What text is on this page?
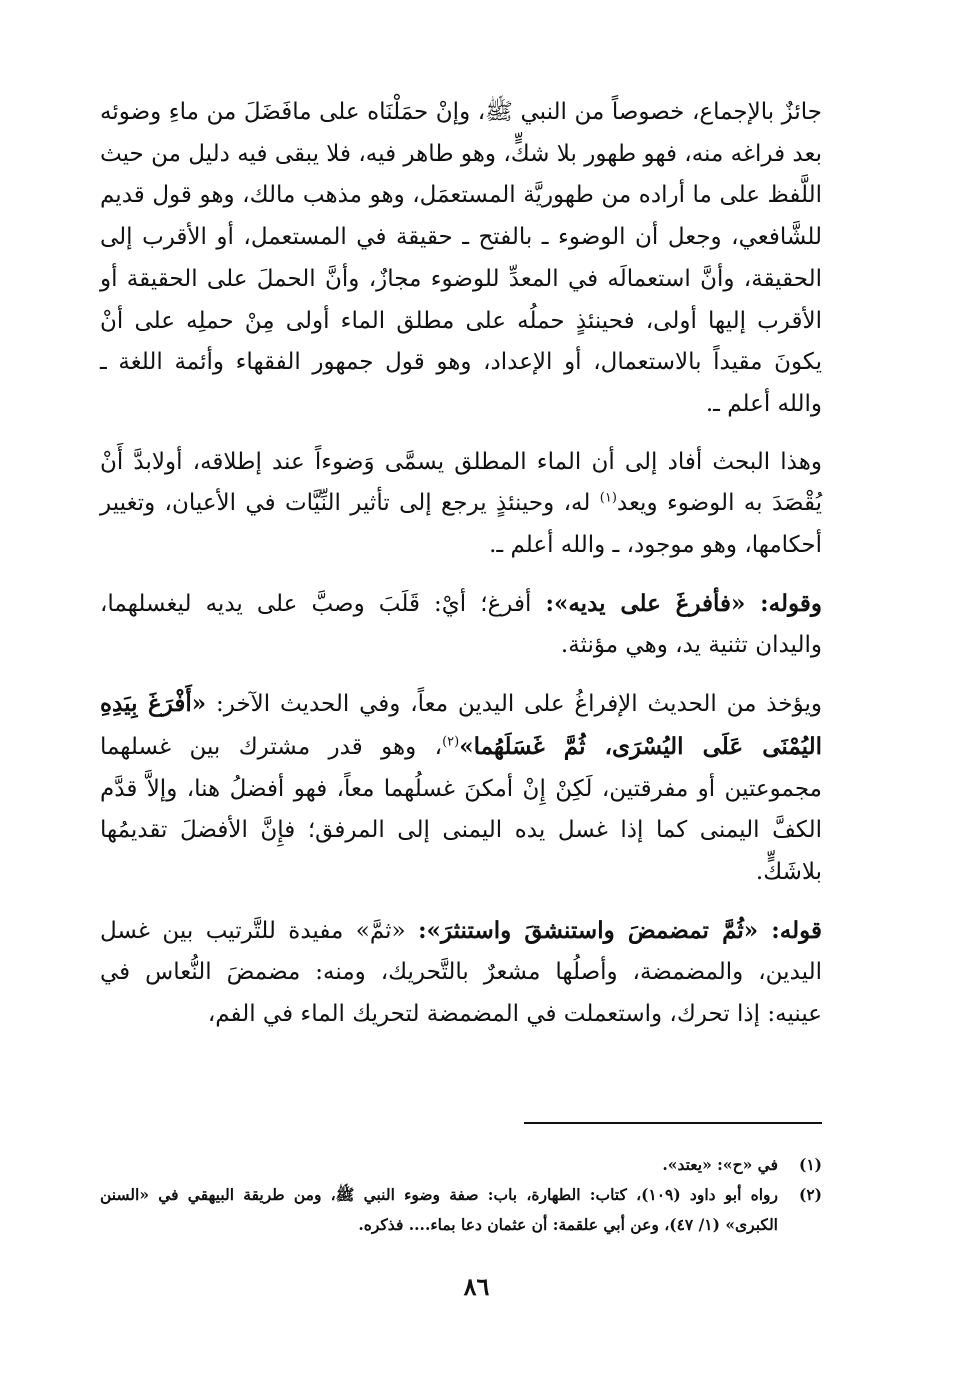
جائزٌ بالإجماع، خصوصاً من النبي ﷺ، وإنْ حمَلْنَاه على مافَضَلَ من ماءِ وضوئه بعد فراغه منه، فهو طهور بلا شكٍّ، وهو طاهر فيه، فلا يبقى فيه دليل من حيث اللَّفظ على ما أراده من طهوريَّة المستعمَل، وهو مذهب مالك، وهو قول قديم للشَّافعي، وجعل أن الوضوء ـ بالفتح ـ حقيقة في المستعمل، أو الأقرب إلى الحقيقة، وأنَّ استعمالَه في المعدِّ للوضوء مجازٌ، وأنَّ الحملَ على الحقيقة أو الأقرب إليها أولى، فحينئذٍ حملُه على مطلق الماء أولى مِنْ حملِه على أنْ يكونَ مقيداً بالاستعمال، أو الإعداد، وهو قول جمهور الفقهاء وأئمة اللغة ـ والله أعلم ـ.

وهذا البحث أفاد إلى أن الماء المطلق يسمَّى وَضوءاً عند إطلاقه، أولابدَّ أَنْ يُقْصَدَ به الوضوء ويعد$^{(١)}$ له، وحينئذٍ يرجع إلى تأثير النِّيَّات في الأعيان، وتغيير أحكامها، وهو موجود، ـ والله أعلم ـ.

وقوله: «فأفرغَ على يديه»: أفرغ؛ أيْ: قَلَبَ وصبَّ على يديه ليغسلهما، واليدان تثنية يد، وهي مؤنثة.

ويؤخذ من الحديث الإفراغُ على اليدين معاً، وفي الحديث الآخر: «أَفْرَغَ بِيَدِهِ اليُمْنَى عَلَى اليُسْرَى، ثُمَّ غَسَلَهُما»$^{(٢)}$، وهو قدر مشترك بين غسلهما مجموعتين أو مفرقتين، لَكِنْ إِنْ أمكنَ غسلُهما معاً، فهو أفضلُ هنا، وإلاَّ قدَّم الكفَّ اليمنى كما إذا غسل يده اليمنى إلى المرفق؛ فإِنَّ الأفضلَ تقديمُها بلاشَكٍّ.

قوله: «ثُمَّ تمضمضَ واستنشقَ واستنثرَ»: «ثمَّ» مفيدة للتَّرتيب بين غسل اليدين، والمضمضة، وأصلُها مشعرٌ بالتَّحريك، ومنه: مضمضَ النُّعاس في عينيه: إذا تحرك، واستعملت في المضمضة لتحريك الماء في الفم،

(١)
في «ح»: «يعتد».
(٢)
رواه أبو داود (١٠٩)، كتاب: الطهارة، باب: صفة وضوء النبي ﷺ، ومن طريقة البيهقي في «السنن الكبرى» (١/ ٤٧)، وعن أبي علقمة: أن عثمان دعا بماء.... فذكره.
٨٦
